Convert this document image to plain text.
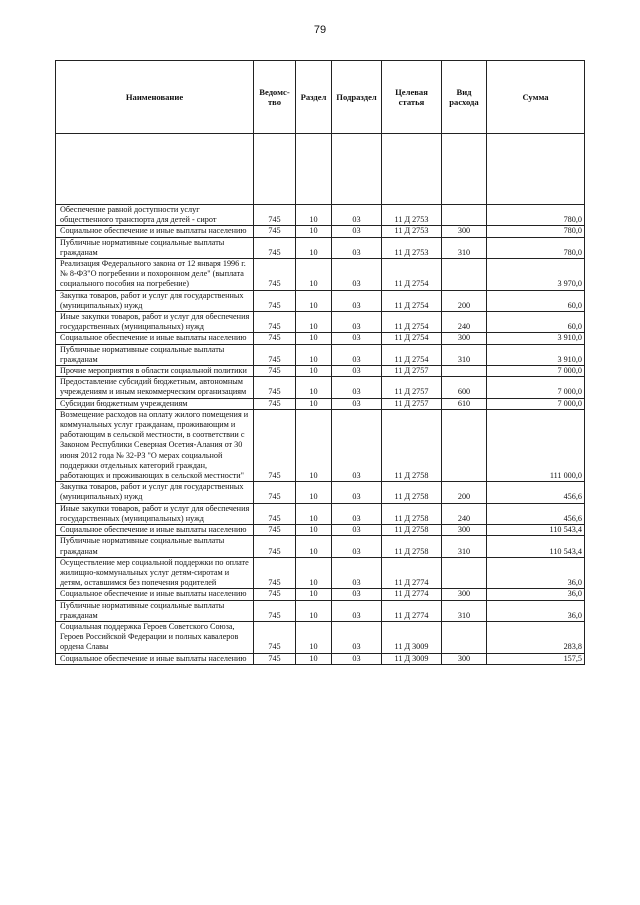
79
Наименование	Ведомс-тво	Раздел	Подраздел	Целевая статья	Вид расхода	Сумма

Обеспечение равной доступности услуг общественного транспорта для детей - сирот	745	10	03	11 Д 2753		780,0
Социальное обеспечение и иные выплаты населению	745	10	03	11 Д 2753	300	780,0
Публичные нормативные социальные выплаты гражданам	745	10	03	11 Д 2753	310	780,0
Реализация Федерального закона от 12 января 1996 г. № 8-ФЗ"О погребении и похоронном деле" (выплата социального пособия на погребение)	745	10	03	11 Д 2754		3 970,0
Закупка товаров, работ и услуг для государственных (муниципальных) нужд	745	10	03	11 Д 2754	200	60,0
Иные закупки товаров, работ и услуг для обеспечения государственных (муниципальных) нужд	745	10	03	11 Д 2754	240	60,0
Социальное обеспечение и иные выплаты населению	745	10	03	11 Д 2754	300	3 910,0
Публичные нормативные социальные выплаты гражданам	745	10	03	11 Д 2754	310	3 910,0
Прочие мероприятия в области социальной политики	745	10	03	11 Д 2757		7 000,0
Предоставление субсидий бюджетным, автономным учреждениям и иным некоммерческим организациям	745	10	03	11 Д 2757	600	7 000,0
Субсидии бюджетным учреждениям	745	10	03	11 Д 2757	610	7 000,0
Возмещение расходов на оплату жилого помещения и коммунальных услуг гражданам, проживающим и работающим в сельской местности, в соответствии с Законом Республики Северная Осетия-Алания от 30 июня 2012 года № 32-РЗ "О мерах социальной поддержки отдельных категорий граждан, работающих и проживающих в сельской местности"	745	10	03	11 Д 2758		111 000,0
Закупка товаров, работ и услуг для государственных (муниципальных) нужд	745	10	03	11 Д 2758	200	456,6
Иные закупки товаров, работ и услуг для обеспечения государственных (муниципальных) нужд	745	10	03	11 Д 2758	240	456,6
Социальное обеспечение и иные выплаты населению	745	10	03	11 Д 2758	300	110 543,4
Публичные нормативные социальные выплаты гражданам	745	10	03	11 Д 2758	310	110 543,4
Осуществление мер социальной поддержки по оплате жилищно-коммунальных услуг детям-сиротам и детям, оставшимся без попечения родителей	745	10	03	11 Д 2774		36,0
Социальное обеспечение и иные выплаты населению	745	10	03	11 Д 2774	300	36,0
Публичные нормативные социальные выплаты гражданам	745	10	03	11 Д 2774	310	36,0
Социальная поддержка Героев Советского Союза, Героев Российской Федерации и полных кавалеров ордена Славы	745	10	03	11 Д 3009		283,8
Социальное обеспечение и иные выплаты населению	745	10	03	11 Д 3009	300	157,5
